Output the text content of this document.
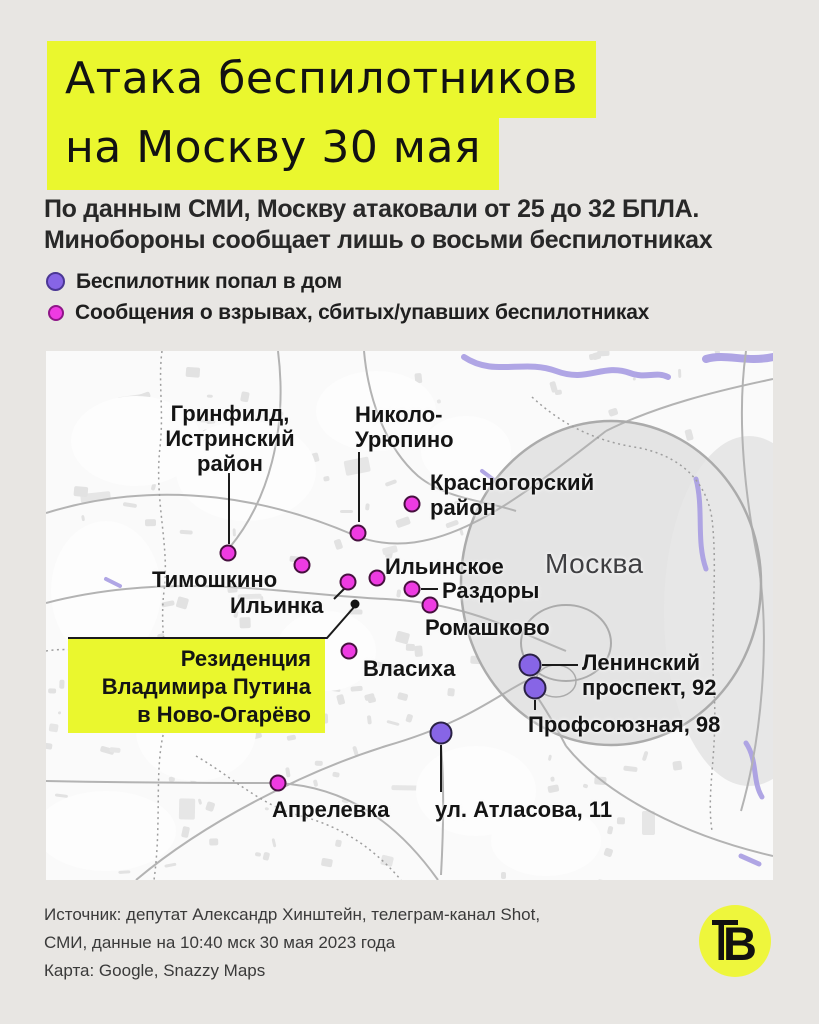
Атака беспилотников
на Москву 30 мая
По данным СМИ, Москву атаковали от 25 до 32 БПЛА.
Минобороны сообщает лишь о восьми беспилотниках
Беспилотник попал в дом
Сообщения о взрывах, сбитых/упавших беспилотниках
Резиденция
Владимира Путина
в Ново-Огарёво
Гринфилд,
Истринский
район
Николо-
Урюпино
Красногорский
район
Тимошкино
Ильинское Москва
Ильинка
Раздоры
Ромашково
Власиха	Ленинский
проспект, 92
Профсоюзная, 98
Апрелевка ул. Атласова, 11
Источник: депутат Александр Хинштейн, телеграм-канал Shot,
СМИ, данные на 10:40 мск 30 мая 2023 года
Карта: Google, Snazzy Maps
В
